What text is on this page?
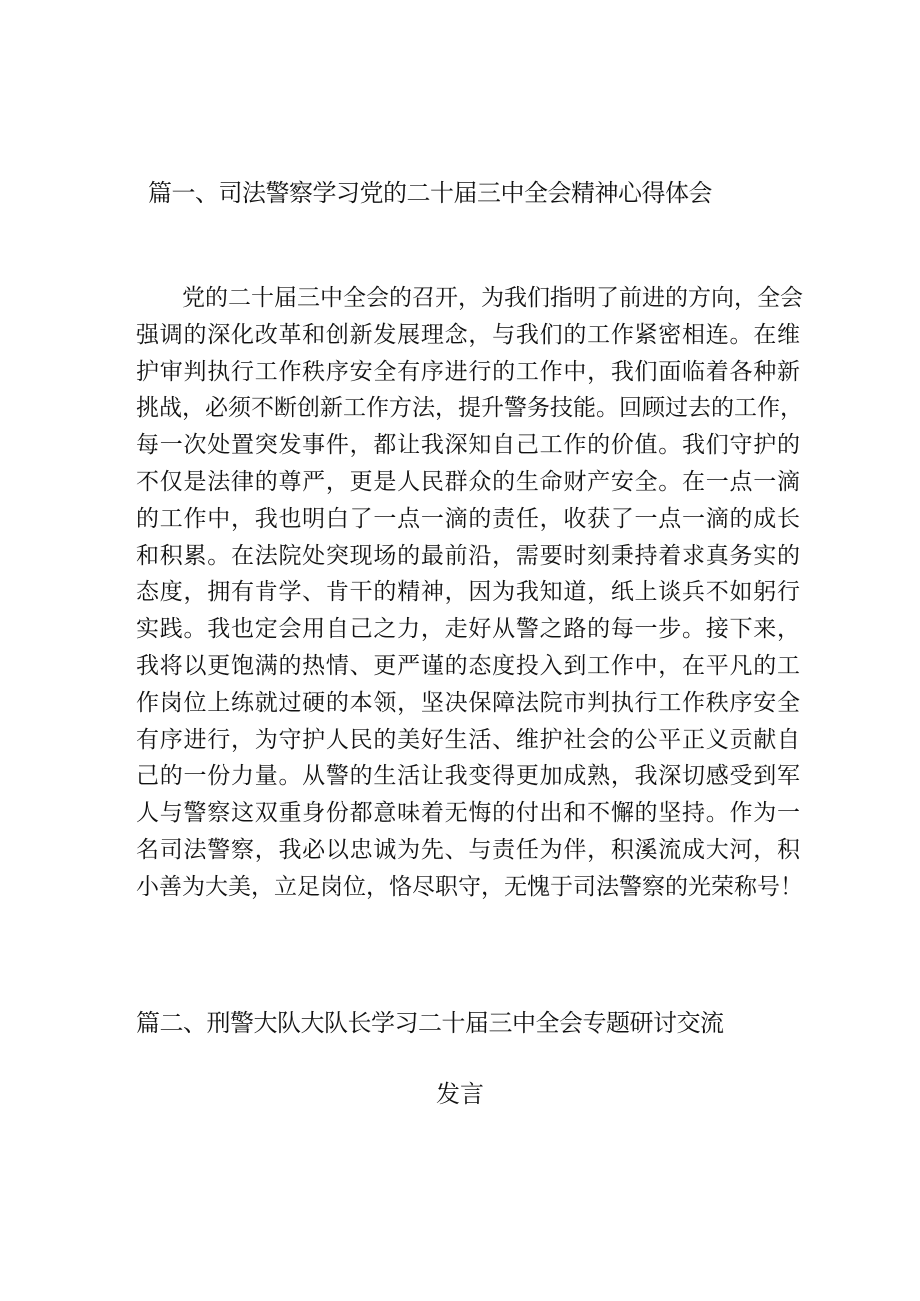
篇一、司法警察学习党的二十届三中全会精神心得体会
党的二十届三中全会的召开，为我们指明了前进的方向，全会
强调的深化改革和创新发展理念，与我们的工作紧密相连。在维
护审判执行工作秩序安全有序进行的工作中，我们面临着各种新
挑战，必须不断创新工作方法，提升警务技能。回顾过去的工作，
每一次处置突发事件，都让我深知自己工作的价值。我们守护的
不仅是法律的尊严，更是人民群众的生命财产安全。在一点一滴
的工作中，我也明白了一点一滴的责任，收获了一点一滴的成长
和积累。在法院处突现场的最前沿，需要时刻秉持着求真务实的
态度，拥有肯学、肯干的精神，因为我知道，纸上谈兵不如躬行
实践。我也定会用自己之力，走好从警之路的每一步。接下来，
我将以更饱满的热情、更严谨的态度投入到工作中，在平凡的工
作岗位上练就过硬的本领，坚决保障法院市判执行工作秩序安全
有序进行，为守护人民的美好生活、维护社会的公平正义贡献自
己的一份力量。从警的生活让我变得更加成熟，我深切感受到军
人与警察这双重身份都意味着无悔的付出和不懈的坚持。作为一
名司法警察，我必以忠诚为先、与责任为伴，积溪流成大河，积
小善为大美，立足岗位，恪尽职守，无愧于司法警察的光荣称号！
篇二、刑警大队大队长学习二十届三中全会专题研讨交流
发言
